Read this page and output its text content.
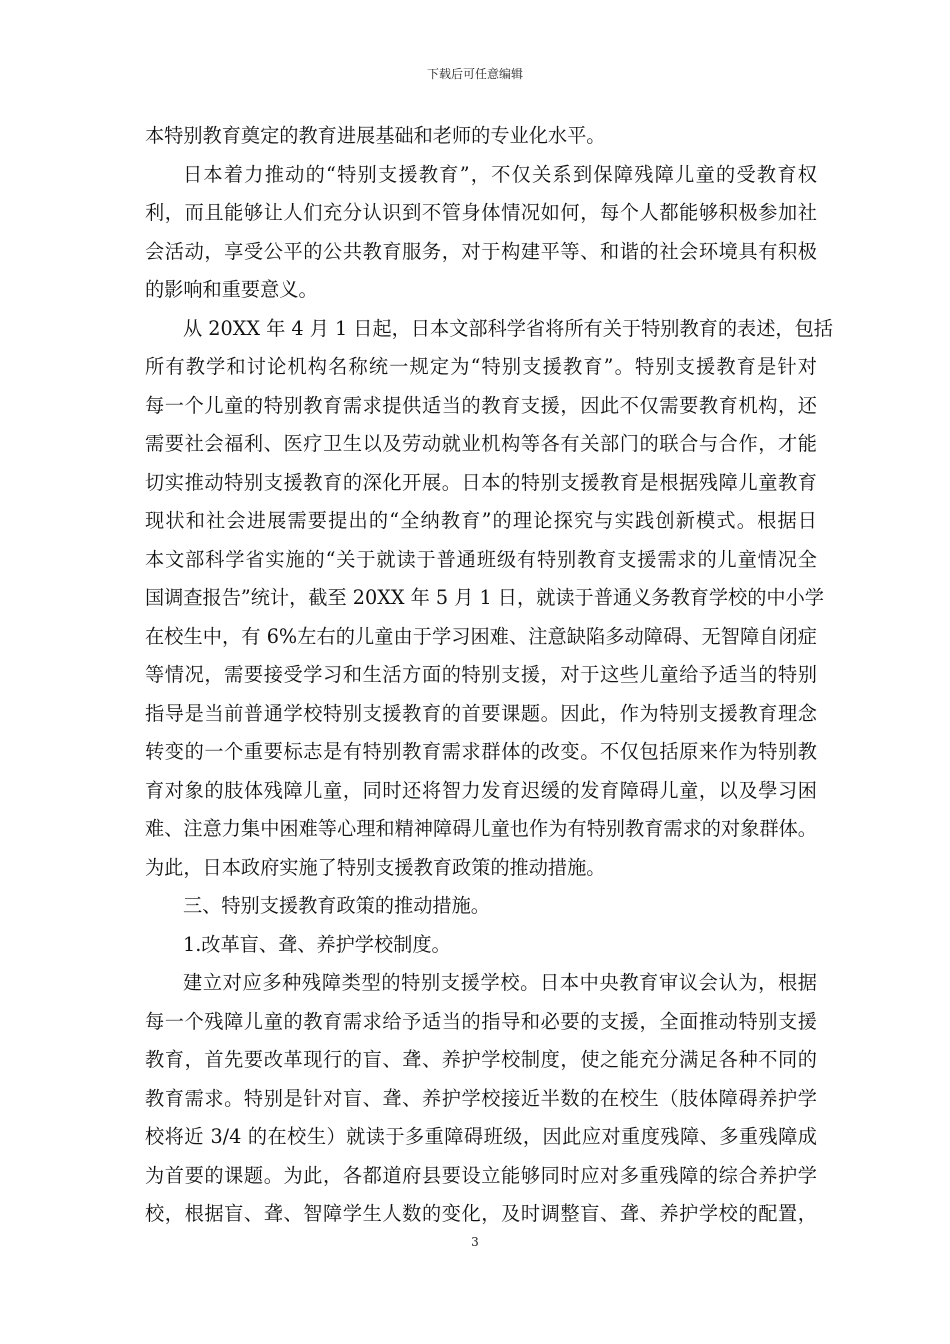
下载后可任意编辑
本特别教育奠定的教育进展基础和老师的专业化水平。
日本着力推动的“特别支援教育”，不仅关系到保障残障儿童的受教育权
利，而且能够让人们充分认识到不管身体情况如何，每个人都能够积极参加社
会活动，享受公平的公共教育服务，对于构建平等、和谐的社会环境具有积极
的影响和重要意义。
从 20XX 年 4 月 1 日起，日本文部科学省将所有关于特别教育的表述，包括
所有教学和讨论机构名称统一规定为“特别支援教育”。特别支援教育是针对
每一个儿童的特别教育需求提供适当的教育支援，因此不仅需要教育机构，还
需要社会福利、医疗卫生以及劳动就业机构等各有关部门的联合与合作，才能
切实推动特别支援教育的深化开展。日本的特别支援教育是根据残障儿童教育
现状和社会进展需要提出的“全纳教育”的理论探究与实践创新模式。根据日
本文部科学省实施的“关于就读于普通班级有特别教育支援需求的儿童情况全
国调查报告”统计，截至 20XX 年 5 月 1 日，就读于普通义务教育学校的中小学
在校生中，有 6%左右的儿童由于学习困难、注意缺陷多动障碍、无智障自闭症
等情况，需要接受学习和生活方面的特别支援，对于这些儿童给予适当的特别
指导是当前普通学校特别支援教育的首要课题。因此，作为特别支援教育理念
转变的一个重要标志是有特别教育需求群体的改变。不仅包括原来作为特别教
育对象的肢体残障儿童，同时还将智力发育迟缓的发育障碍儿童，以及學习困
难、注意力集中困难等心理和精神障碍儿童也作为有特别教育需求的对象群体。
为此，日本政府实施了特别支援教育政策的推动措施。
三、特别支援教育政策的推动措施。
1.改革盲、聋、养护学校制度。
建立对应多种残障类型的特别支援学校。日本中央教育审议会认为，根据
每一个残障儿童的教育需求给予适当的指导和必要的支援，全面推动特别支援
教育，首先要改革现行的盲、聋、养护学校制度，使之能充分满足各种不同的
教育需求。特别是针对盲、聋、养护学校接近半数的在校生（肢体障碍养护学
校将近 3/4 的在校生）就读于多重障碍班级，因此应对重度残障、多重残障成
为首要的课题。为此，各都道府县要设立能够同时应对多重残障的综合养护学
校，根据盲、聋、智障学生人数的变化，及时调整盲、聋、养护学校的配置，
3
